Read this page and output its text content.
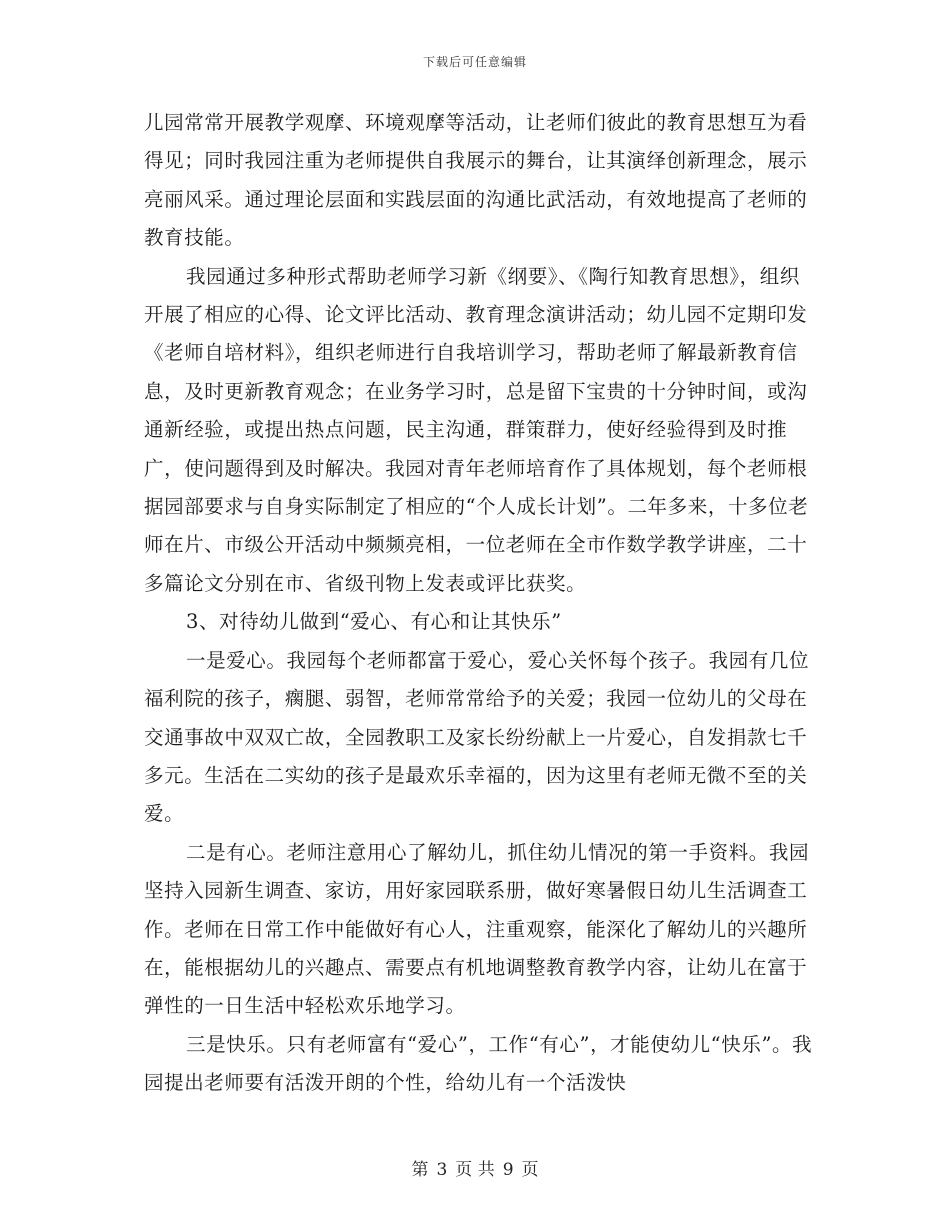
下载后可任意编辑

儿园常常开展教学观摩、环境观摩等活动，让老师们彼此的教育思想互为看得见；同时我园注重为老师提供自我展示的舞台，让其演绎创新理念，展示亮丽风采。通过理论层面和实践层面的沟通比武活动，有效地提高了老师的教育技能。

我园通过多种形式帮助老师学习新《纲要》、《陶行知教育思想》，组织开展了相应的心得、论文评比活动、教育理念演讲活动；幼儿园不定期印发《老师自培材料》，组织老师进行自我培训学习，帮助老师了解最新教育信息，及时更新教育观念；在业务学习时，总是留下宝贵的十分钟时间，或沟通新经验，或提出热点问题，民主沟通，群策群力，使好经验得到及时推广，使问题得到及时解决。我园对青年老师培育作了具体规划，每个老师根据园部要求与自身实际制定了相应的“个人成长计划”。二年多来，十多位老师在片、市级公开活动中频频亮相，一位老师在全市作数学教学讲座，二十多篇论文分别在市、省级刊物上发表或评比获奖。

3、对待幼儿做到“爱心、有心和让其快乐”

一是爱心。我园每个老师都富于爱心，爱心关怀每个孩子。我园有几位福利院的孩子，瘸腿、弱智，老师常常给予的关爱；我园一位幼儿的父母在交通事故中双双亡故，全园教职工及家长纷纷献上一片爱心，自发捐款七千多元。生活在二实幼的孩子是最欢乐幸福的，因为这里有老师无微不至的关爱。

二是有心。老师注意用心了解幼儿，抓住幼儿情况的第一手资料。我园坚持入园新生调查、家访，用好家园联系册，做好寒暑假日幼儿生活调查工作。老师在日常工作中能做好有心人，注重观察，能深化了解幼儿的兴趣所在，能根据幼儿的兴趣点、需要点有机地调整教育教学内容，让幼儿在富于弹性的一日生活中轻松欢乐地学习。

三是快乐。只有老师富有“爱心”，工作“有心”，才能使幼儿“快乐”。我园提出老师要有活泼开朗的个性，给幼儿有一个活泼快

第 3 页 共 9 页
